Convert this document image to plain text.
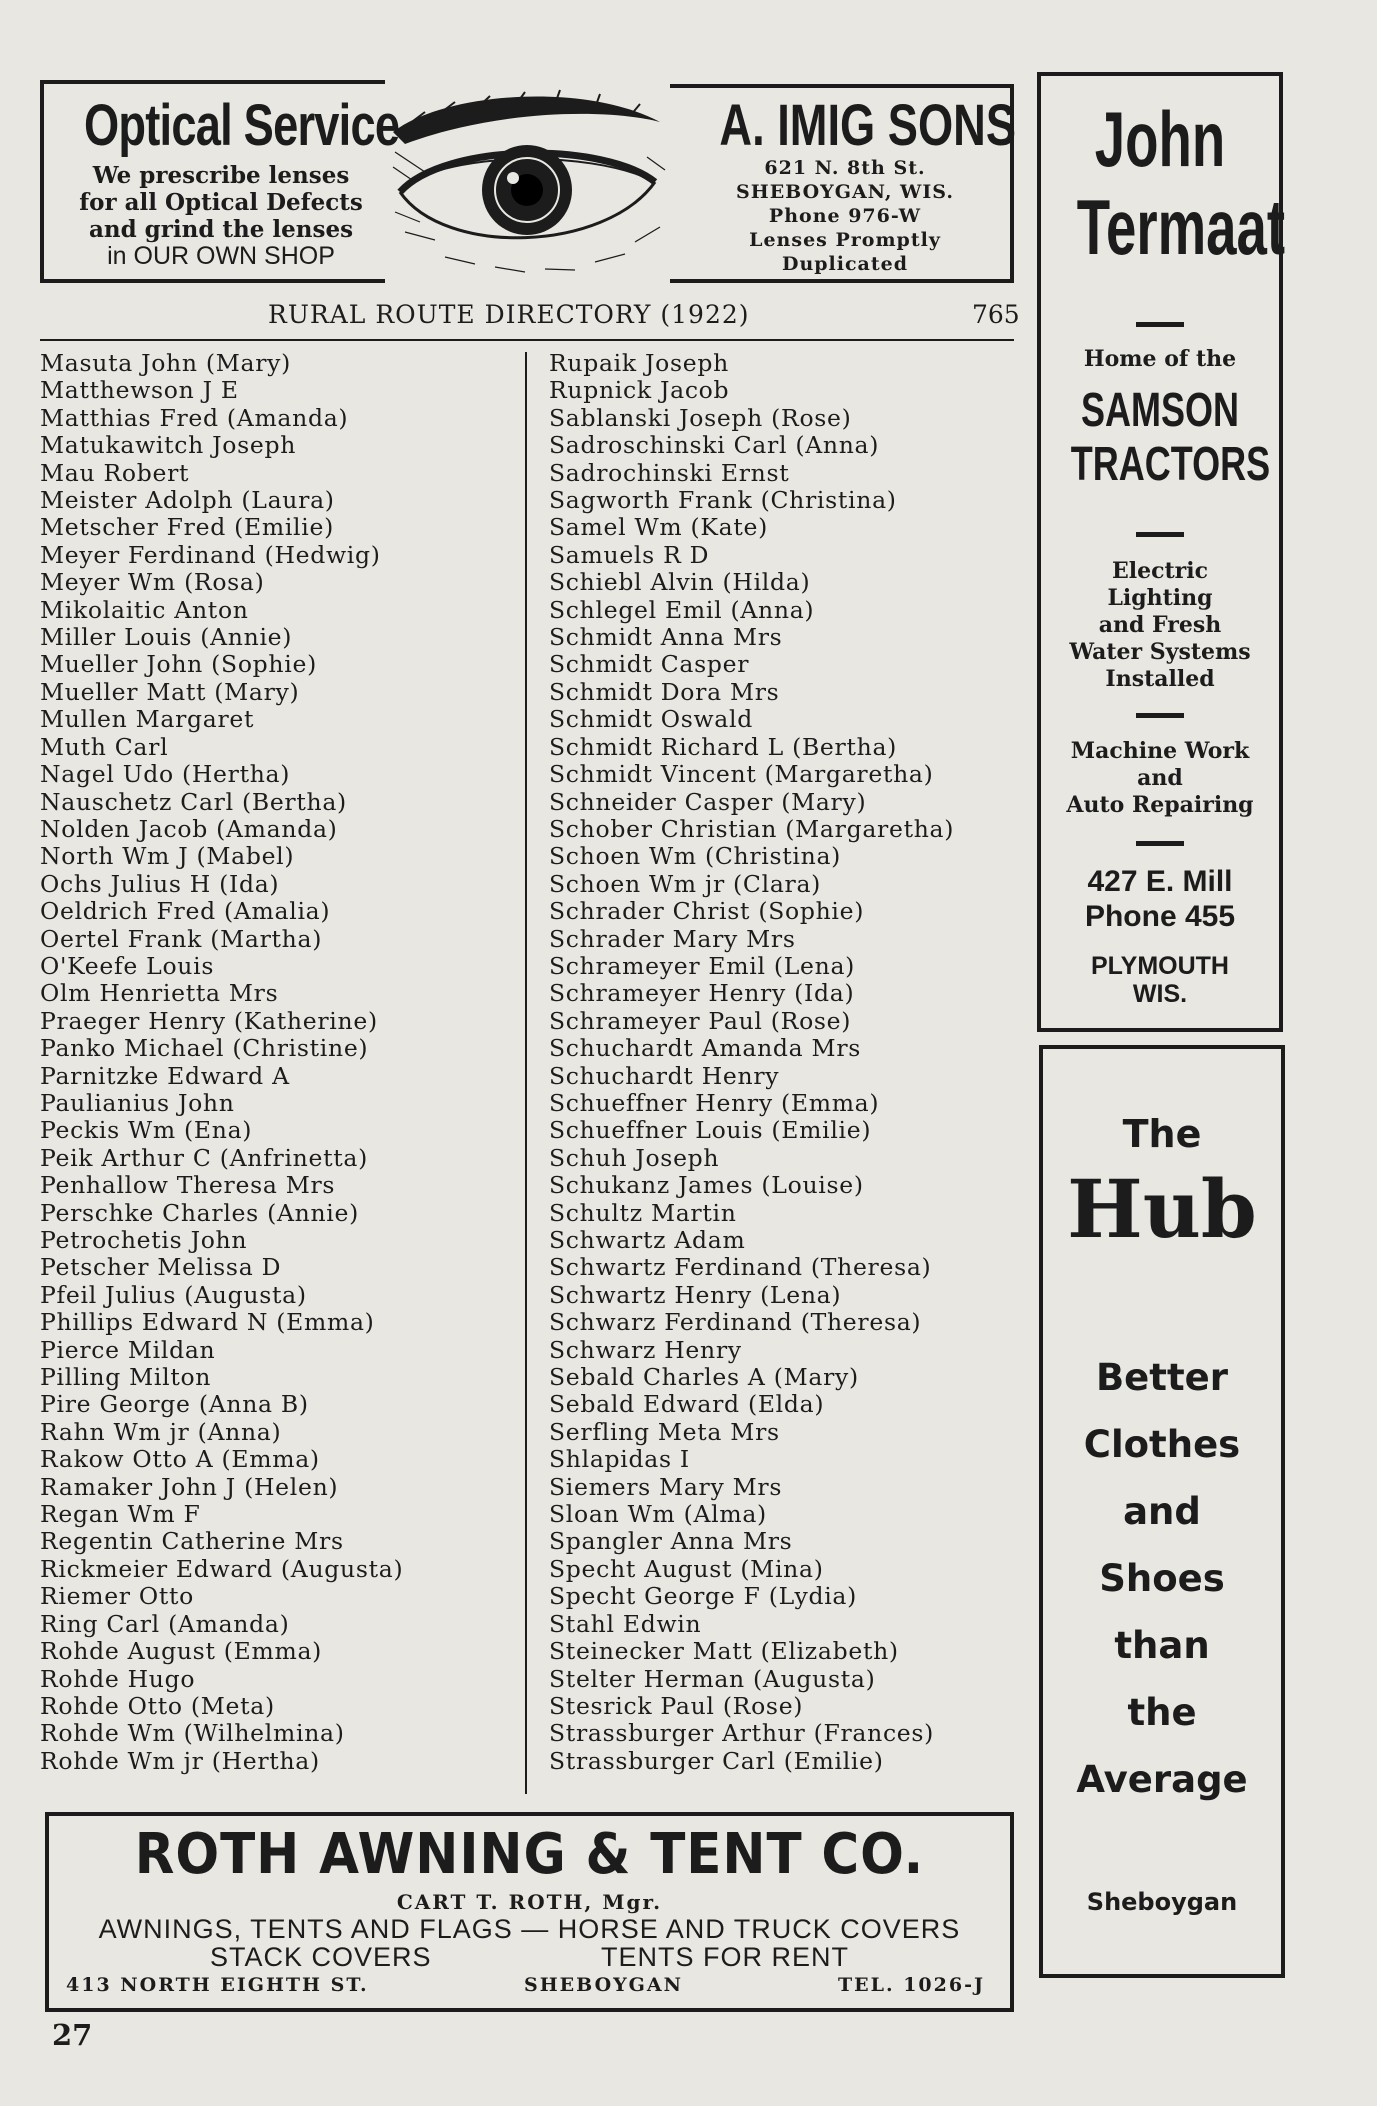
Optical Service
We prescribe lenses
for all Optical Defects
and grind the lenses
in OUR OWN SHOP
A. IMIG SONS
621 N. 8th St.
SHEBOYGAN, WIS.
Phone 976-W
Lenses Promptly
Duplicated
RURAL ROUTE DIRECTORY (1922)	765
Masuta John (Mary)
Matthewson J E
Matthias Fred (Amanda)
Matukawitch Joseph
Mau Robert
Meister Adolph (Laura)
Metscher Fred (Emilie)
Meyer Ferdinand (Hedwig)
Meyer Wm (Rosa)
Mikolaitic Anton
Miller Louis (Annie)
Mueller John (Sophie)
Mueller Matt (Mary)
Mullen Margaret
Muth Carl
Nagel Udo (Hertha)
Nauschetz Carl (Bertha)
Nolden Jacob (Amanda)
North Wm J (Mabel)
Ochs Julius H (Ida)
Oeldrich Fred (Amalia)
Oertel Frank (Martha)
O'Keefe Louis
Olm Henrietta Mrs
Praeger Henry (Katherine)
Panko Michael (Christine)
Parnitzke Edward A
Paulianius John
Peckis Wm (Ena)
Peik Arthur C (Anfrinetta)
Penhallow Theresa Mrs
Perschke Charles (Annie)
Petrochetis John
Petscher Melissa D
Pfeil Julius (Augusta)
Phillips Edward N (Emma)
Pierce Mildan
Pilling Milton
Pire George (Anna B)
Rahn Wm jr (Anna)
Rakow Otto A (Emma)
Ramaker John J (Helen)
Regan Wm F
Regentin Catherine Mrs
Rickmeier Edward (Augusta)
Riemer Otto
Ring Carl (Amanda)
Rohde August (Emma)
Rohde Hugo
Rohde Otto (Meta)
Rohde Wm (Wilhelmina)
Rohde Wm jr (Hertha)
Rupaik Joseph
Rupnick Jacob
Sablanski Joseph (Rose)
Sadroschinski Carl (Anna)
Sadrochinski Ernst
Sagworth Frank (Christina)
Samel Wm (Kate)
Samuels R D
Schiebl Alvin (Hilda)
Schlegel Emil (Anna)
Schmidt Anna Mrs
Schmidt Casper
Schmidt Dora Mrs
Schmidt Oswald
Schmidt Richard L (Bertha)
Schmidt Vincent (Margaretha)
Schneider Casper (Mary)
Schober Christian (Margaretha)
Schoen Wm (Christina)
Schoen Wm jr (Clara)
Schrader Christ (Sophie)
Schrader Mary Mrs
Schrameyer Emil (Lena)
Schrameyer Henry (Ida)
Schrameyer Paul (Rose)
Schuchardt Amanda Mrs
Schuchardt Henry
Schueffner Henry (Emma)
Schueffner Louis (Emilie)
Schuh Joseph
Schukanz James (Louise)
Schultz Martin
Schwartz Adam
Schwartz Ferdinand (Theresa)
Schwartz Henry (Lena)
Schwarz Ferdinand (Theresa)
Schwarz Henry
Sebald Charles A (Mary)
Sebald Edward (Elda)
Serfling Meta Mrs
Shlapidas I
Siemers Mary Mrs
Sloan Wm (Alma)
Spangler Anna Mrs
Specht August (Mina)
Specht George F (Lydia)
Stahl Edwin
Steinecker Matt (Elizabeth)
Stelter Herman (Augusta)
Stesrick Paul (Rose)
Strassburger Arthur (Frances)
Strassburger Carl (Emilie)
John
Termaat
Home of the
SAMSON
TRACTORS
Electric
Lighting
and Fresh
Water Systems
Installed
Machine Work
and
Auto Repairing
427 E. Mill
Phone 455
PLYMOUTH
WIS.
The
Hub
Better
Clothes
and
Shoes
than
the
Average
Sheboygan
ROTH AWNING & TENT CO.
CART T. ROTH, Mgr.
AWNINGS, TENTS AND FLAGS — HORSE AND TRUCK COVERS
STACK COVERS                    TENTS FOR RENT
413 NORTH EIGHTH ST.	SHEBOYGAN	TEL. 1026-J
27
